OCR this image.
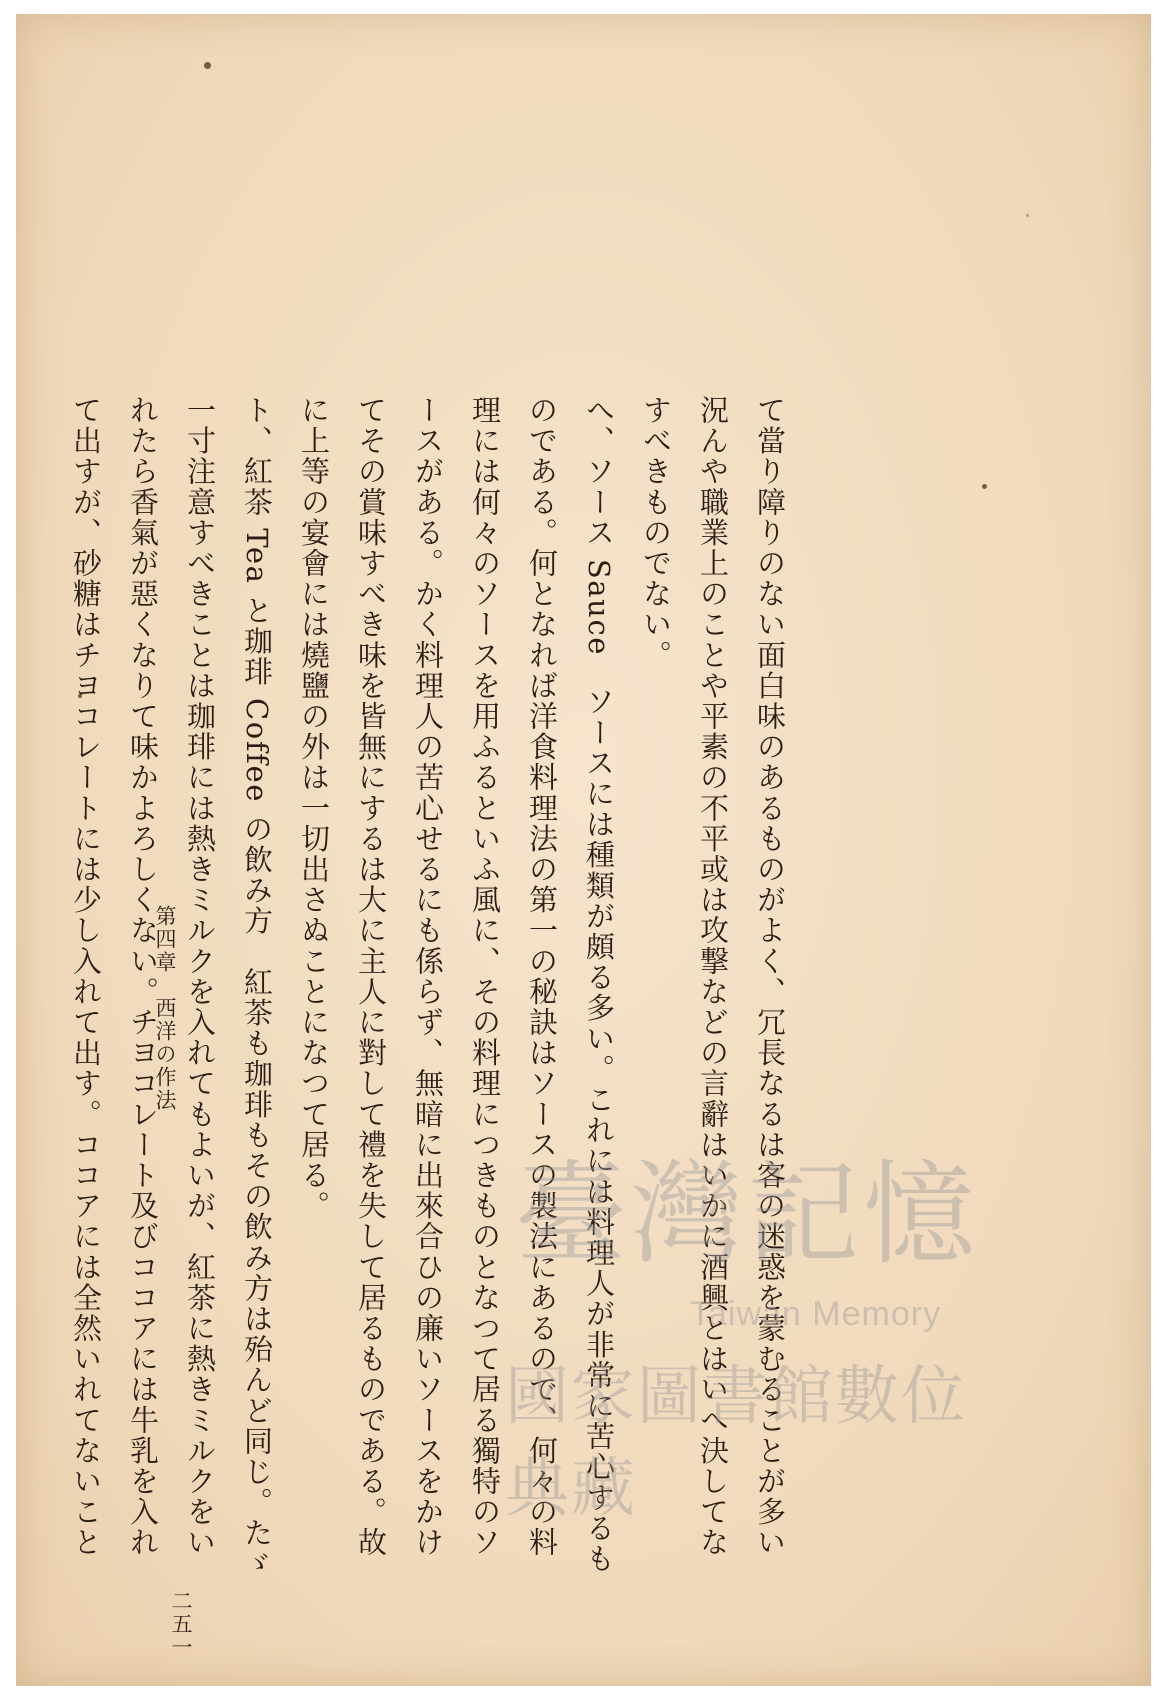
て當り障りのない面白味のあるものがよく、冗長なるは客の迷惑を蒙むることが多い
況んや職業上のことや平素の不平或は攻撃などの言辭はいかに酒興とはいへ決してな
すべきものでない。
へ、ソース Sauce　ソースには種類が頗る多い。これには料理人が非常に苦心するも
のである。何となれば洋食料理法の第一の秘訣はソースの製法にあるので、何々の料
理には何々のソースを用ふるといふ風に、その料理につきものとなつて居る獨特のソ
ースがある。かく料理人の苦心せるにも係らず、無暗に出來合ひの廉いソースをかけ
てその賞味すべき味を皆無にするは大に主人に對して禮を失して居るものである。故
に上等の宴會には燒鹽の外は一切出さぬことになつて居る。
ト、紅茶 Tea と珈琲 Coffee の飲み方　紅茶も珈琲もその飲み方は殆んど同じ。たゞ
一寸注意すべきことは珈琲には熱きミルクを入れてもよいが、紅茶に熱きミルクをい
れたら香氣が惡くなりて味かよろしくない。チヨコレート及びココアには牛乳を入れ
て出すが、砂糖はチヨコレートには少し入れて出す。ココアには全然いれてないこと 第四章　西洋の作法
二五一
臺灣記憶
Taiwan Memory
國家圖書館數位典藏
